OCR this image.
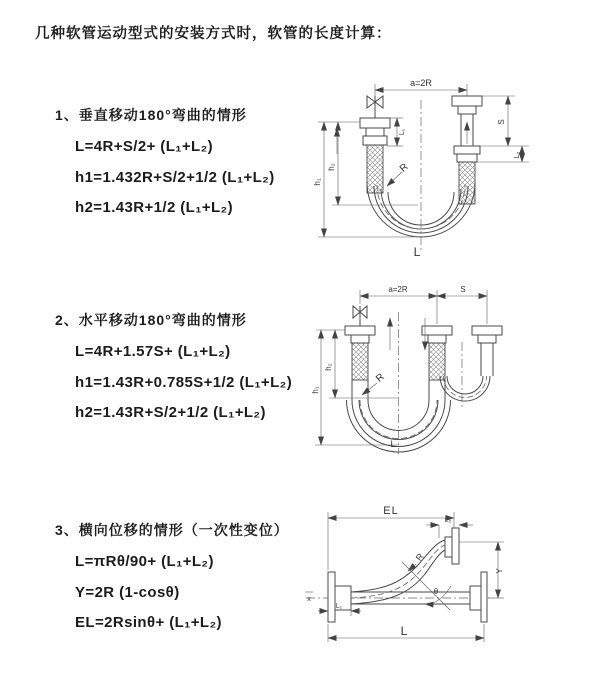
几种软管运动型式的安装方式时，软管的长度计算：
1、垂直移动180°弯曲的情形
L=4R+S/2+ (L₁+L₂)
h1=1.432R+S/2+1/2 (L₁+L₂)
h2=1.43R+1/2 (L₁+L₂)
2、水平移动180°弯曲的情形
L=4R+1.57S+ (L₁+L₂)
h1=1.43R+0.785S+1/2 (L₁+L₂)
h2=1.43R+S/2+1/2 (L₁+L₂)
3、横向位移的情形（一次性变位）
L=πRθ/90+ (L₁+L₂)
Y=2R (1-cosθ)
EL=2Rsinθ+ (L₁+L₂)
a=2R
h₁
h₂
L₁
S
L₂
R
L
a=2R	S
h₁
h₂
R
L
EL
L₂
Y
x
θ
R
L₁
L
